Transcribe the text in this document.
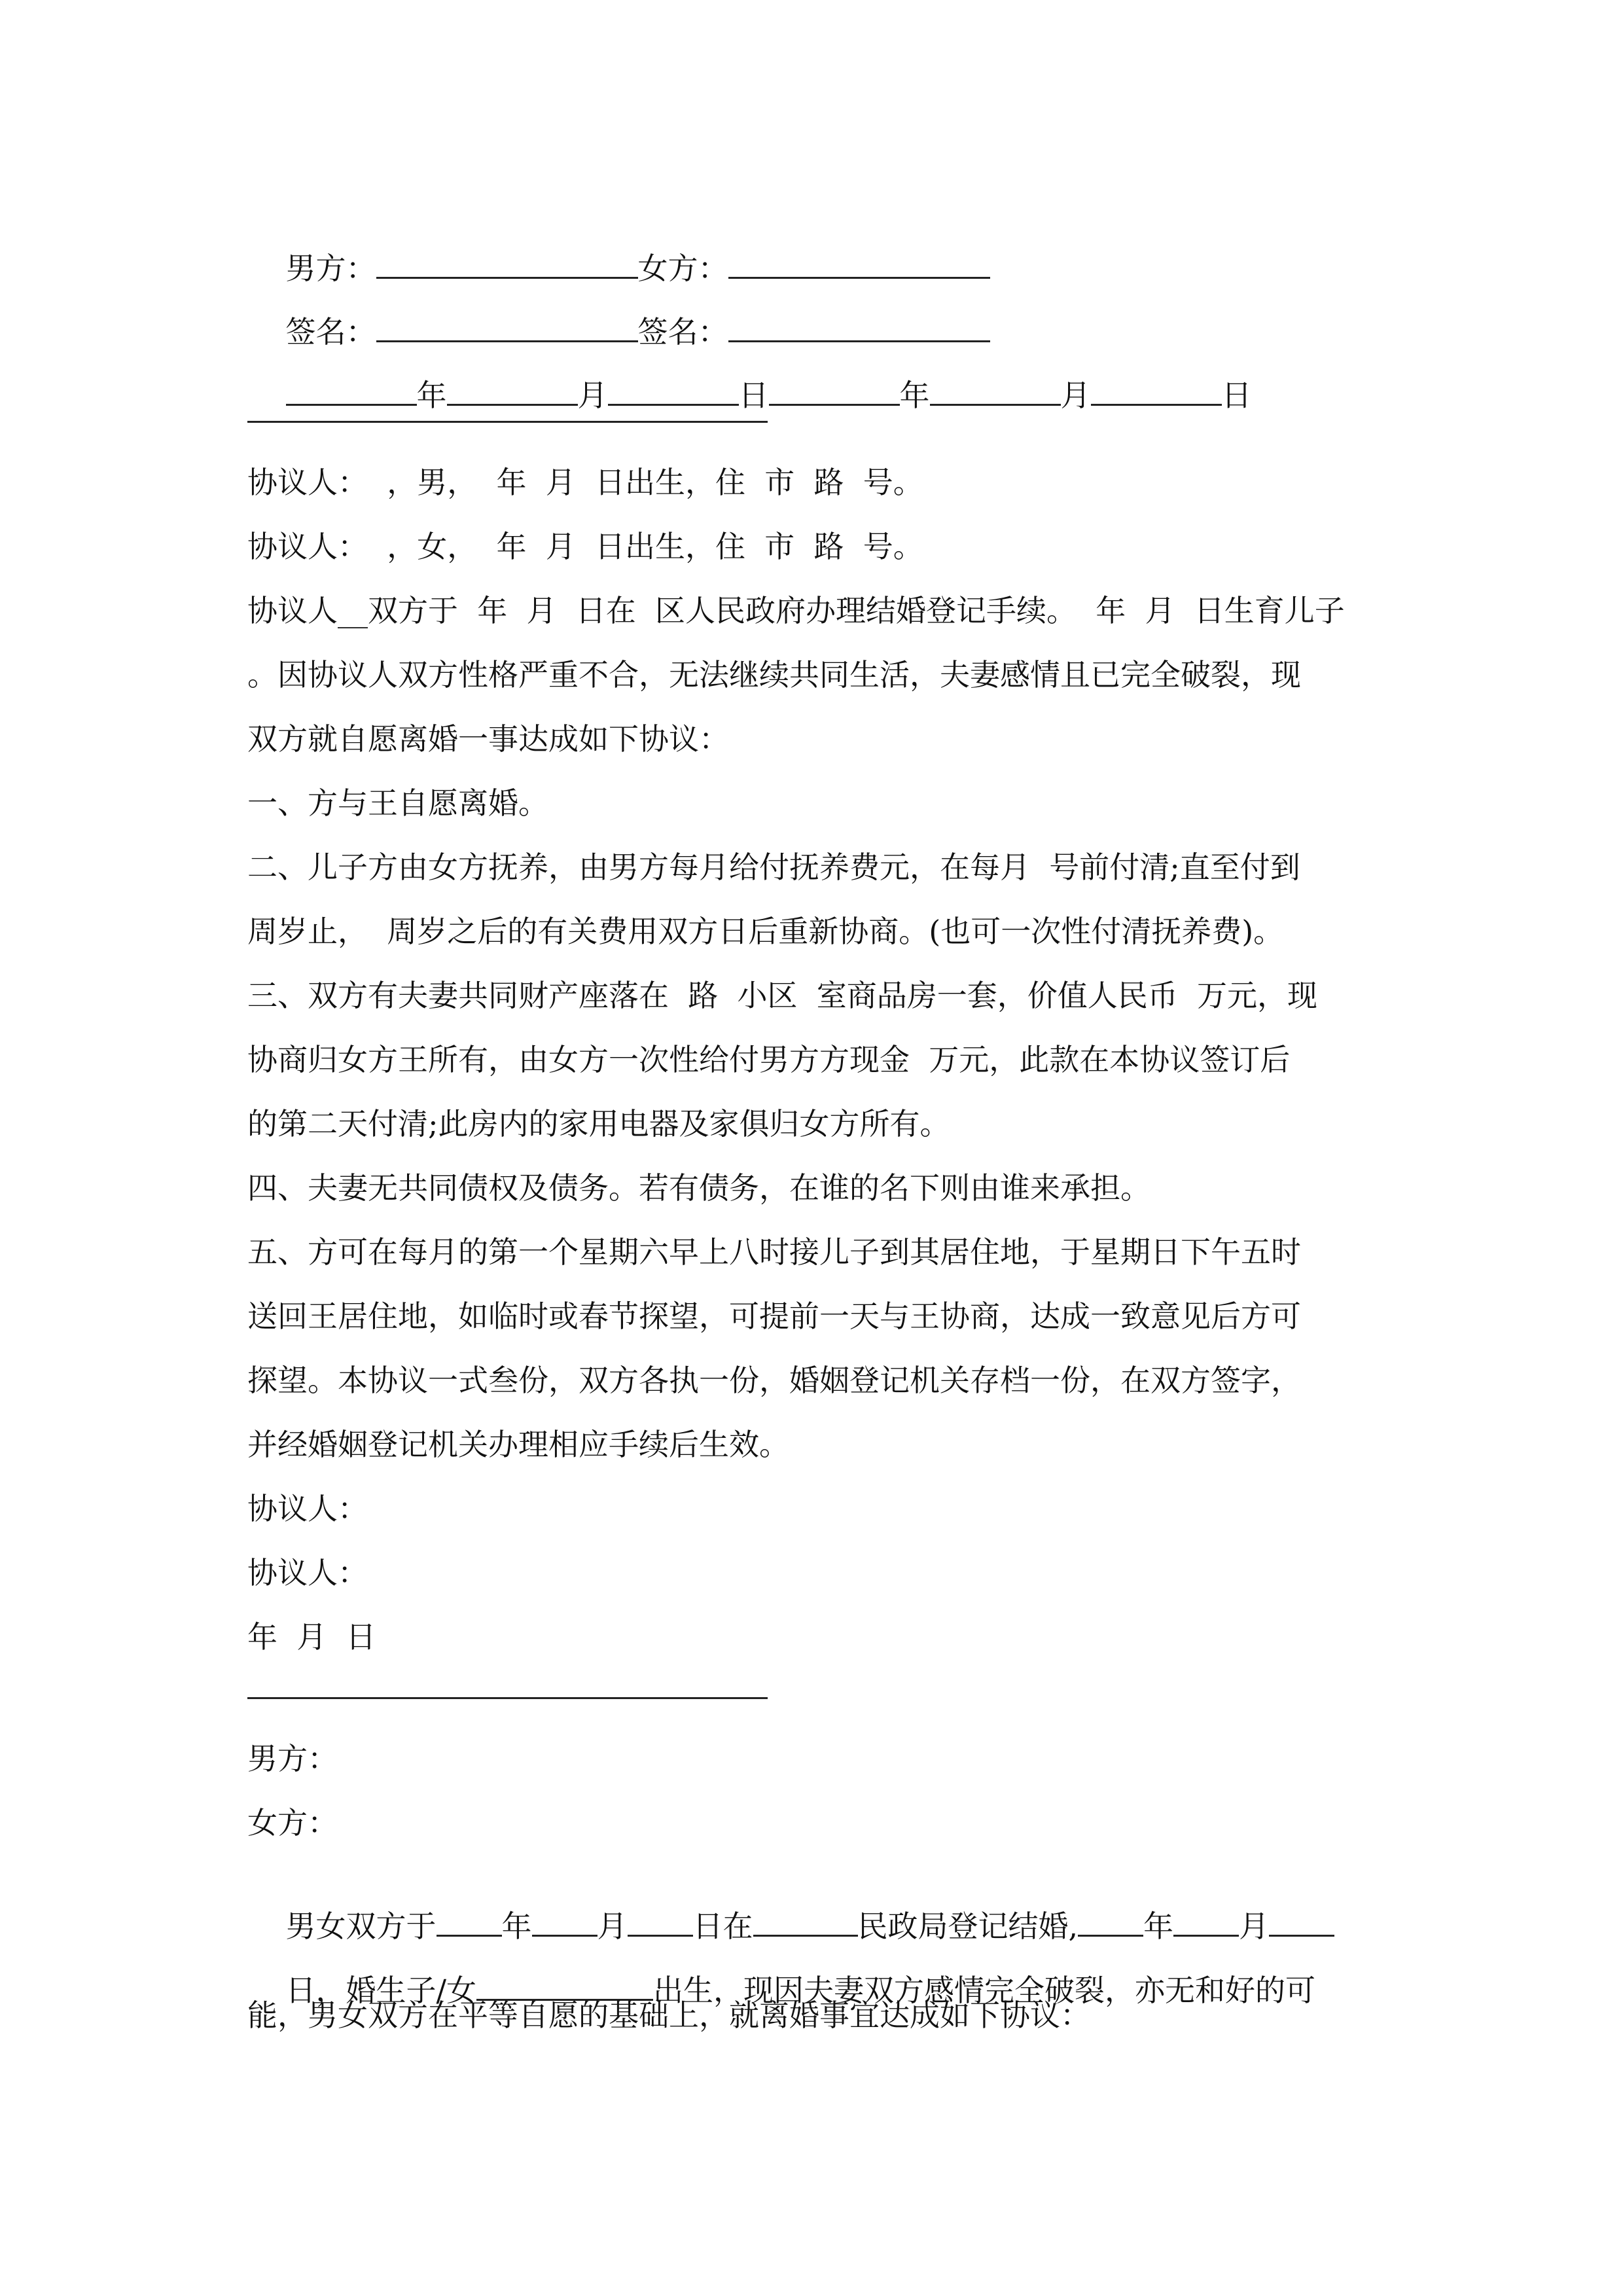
男方：	女方：

签名：	签名：

年	月	日	年	月	日

协议人：  ，男，  年  月  日出生，住  市  路  号。
协议人：  ，女，  年  月  日出生，住  市  路  号。
协议人__双方于  年  月  日在  区人民政府办理结婚登记手续。  年  月  日生育儿子
。因协议人双方性格严重不合，无法继续共同生活，夫妻感情且已完全破裂，现
双方就自愿离婚一事达成如下协议：
一、方与王自愿离婚。
二、儿子方由女方抚养，由男方每月给付抚养费元，在每月  号前付清;直至付到
周岁止，  周岁之后的有关费用双方日后重新协商。(也可一次性付清抚养费)。
三、双方有夫妻共同财产座落在  路  小区  室商品房一套，价值人民币  万元，现
协商归女方王所有，由女方一次性给付男方方现金  万元，此款在本协议签订后
的第二天付清;此房内的家用电器及家俱归女方所有。
四、夫妻无共同债权及债务。若有债务，在谁的名下则由谁来承担。
五、方可在每月的第一个星期六早上八时接儿子到其居住地，于星期日下午五时
送回王居住地，如临时或春节探望，可提前一天与王协商，达成一致意见后方可
探望。本协议一式叁份，双方各执一份，婚姻登记机关存档一份，在双方签字，
并经婚姻登记机关办理相应手续后生效。
协议人：
协议人：
年  月  日
男方：
女方：

男女双方于 年 月 日在	民政局登记结婚, 年 月

日，婚生子/女	出生，现因夫妻双方感情完全破裂，亦无和好的可

能，男女双方在平等自愿的基础上，就离婚事宜达成如下协议：
